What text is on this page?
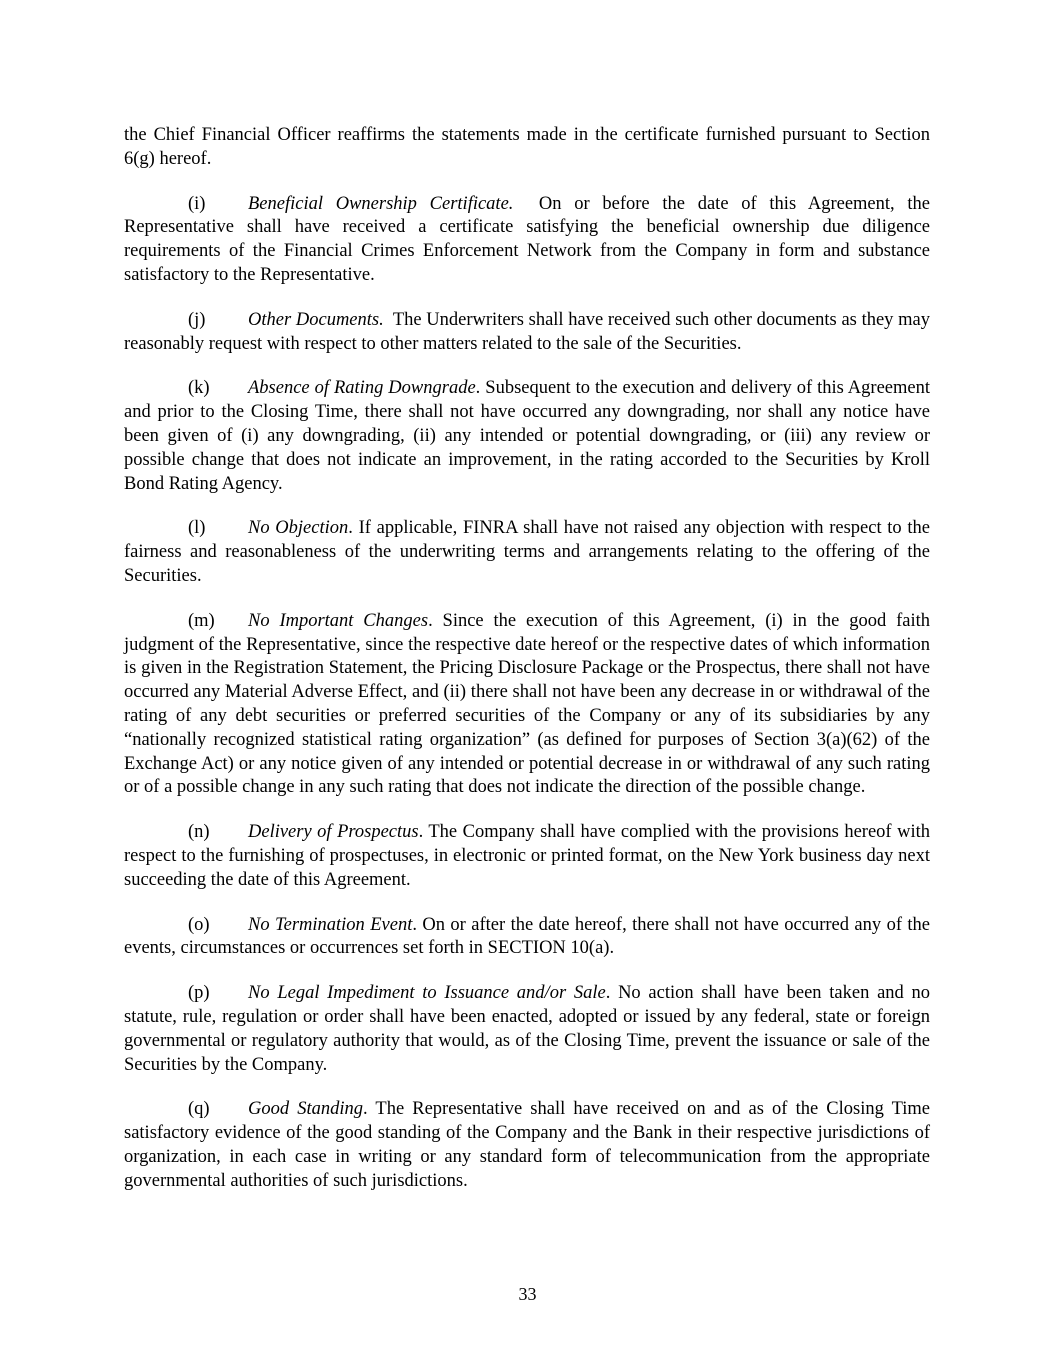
the Chief Financial Officer reaffirms the statements made in the certificate furnished pursuant to Section 6(g) hereof.

(i) Beneficial Ownership Certificate. On or before the date of this Agreement, the Representative shall have received a certificate satisfying the beneficial ownership due diligence requirements of the Financial Crimes Enforcement Network from the Company in form and substance satisfactory to the Representative.

(j) Other Documents. The Underwriters shall have received such other documents as they may reasonably request with respect to other matters related to the sale of the Securities.

(k) Absence of Rating Downgrade. Subsequent to the execution and delivery of this Agreement and prior to the Closing Time, there shall not have occurred any downgrading, nor shall any notice have been given of (i) any downgrading, (ii) any intended or potential downgrading, or (iii) any review or possible change that does not indicate an improvement, in the rating accorded to the Securities by Kroll Bond Rating Agency.

(l) No Objection. If applicable, FINRA shall have not raised any objection with respect to the fairness and reasonableness of the underwriting terms and arrangements relating to the offering of the Securities.

(m) No Important Changes. Since the execution of this Agreement, (i) in the good faith judgment of the Representative, since the respective date hereof or the respective dates of which information is given in the Registration Statement, the Pricing Disclosure Package or the Prospectus, there shall not have occurred any Material Adverse Effect, and (ii) there shall not have been any decrease in or withdrawal of the rating of any debt securities or preferred securities of the Company or any of its subsidiaries by any “nationally recognized statistical rating organization” (as defined for purposes of Section 3(a)(62) of the Exchange Act) or any notice given of any intended or potential decrease in or withdrawal of any such rating or of a possible change in any such rating that does not indicate the direction of the possible change.

(n) Delivery of Prospectus. The Company shall have complied with the provisions hereof with respect to the furnishing of prospectuses, in electronic or printed format, on the New York business day next succeeding the date of this Agreement.

(o) No Termination Event. On or after the date hereof, there shall not have occurred any of the events, circumstances or occurrences set forth in SECTION 10(a).

(p) No Legal Impediment to Issuance and/or Sale. No action shall have been taken and no statute, rule, regulation or order shall have been enacted, adopted or issued by any federal, state or foreign governmental or regulatory authority that would, as of the Closing Time, prevent the issuance or sale of the Securities by the Company.

(q) Good Standing. The Representative shall have received on and as of the Closing Time satisfactory evidence of the good standing of the Company and the Bank in their respective jurisdictions of organization, in each case in writing or any standard form of telecommunication from the appropriate governmental authorities of such jurisdictions.

33
